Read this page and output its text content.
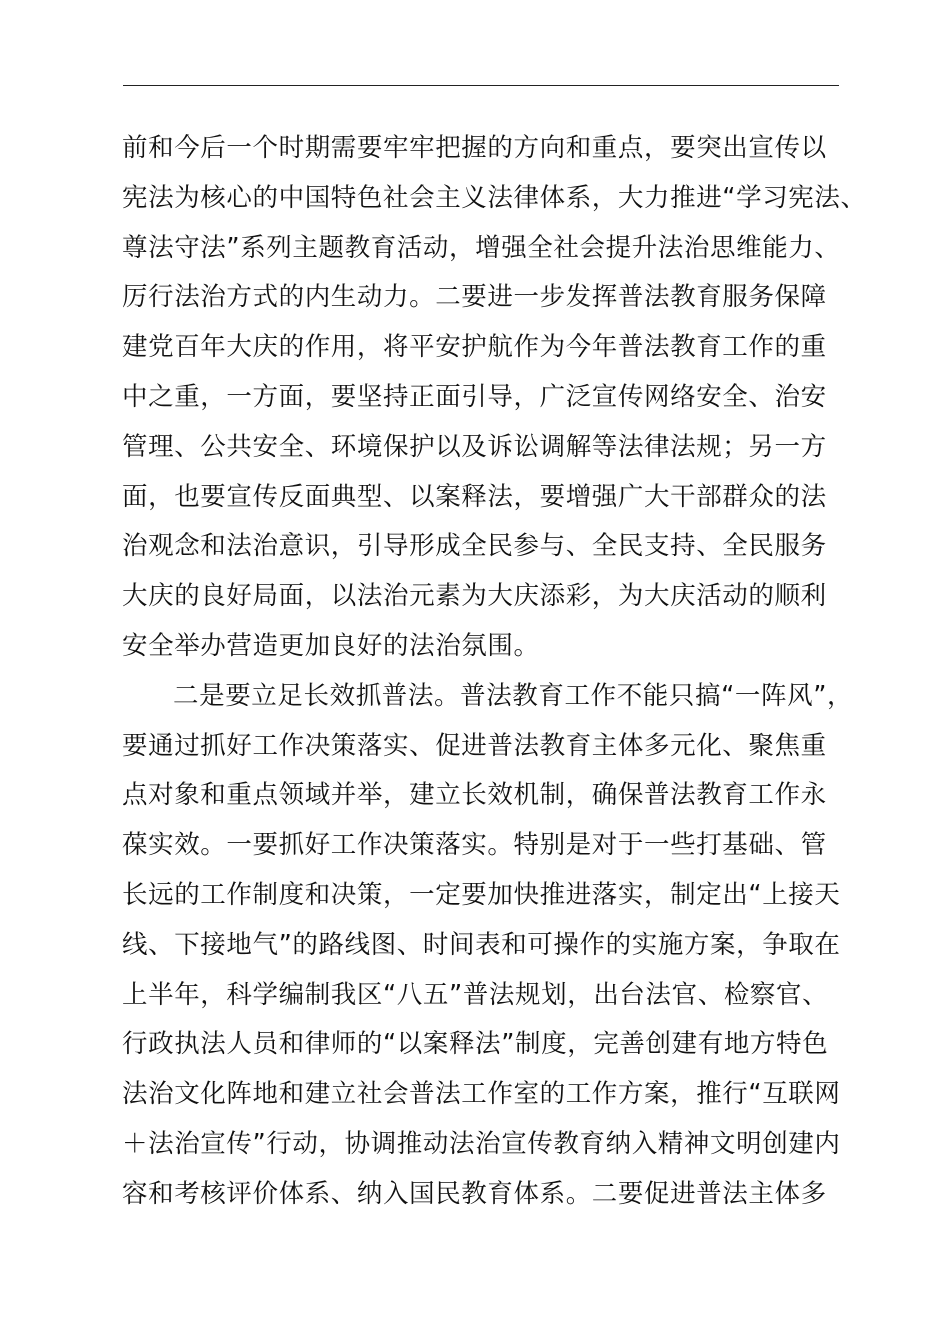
前和今后一个时期需要牢牢把握的方向和重点，要突出宣传以
宪法为核心的中国特色社会主义法律体系，大力推进“学习宪法、
尊法守法”系列主题教育活动，增强全社会提升法治思维能力、
厉行法治方式的内生动力。二要进一步发挥普法教育服务保障
建党百年大庆的作用，将平安护航作为今年普法教育工作的重
中之重，一方面，要坚持正面引导，广泛宣传网络安全、治安
管理、公共安全、环境保护以及诉讼调解等法律法规；另一方
面，也要宣传反面典型、以案释法，要增强广大干部群众的法
治观念和法治意识，引导形成全民参与、全民支持、全民服务
大庆的良好局面，以法治元素为大庆添彩，为大庆活动的顺利
安全举办营造更加良好的法治氛围。
二是要立足长效抓普法。普法教育工作不能只搞“一阵风”，
要通过抓好工作决策落实、促进普法教育主体多元化、聚焦重
点对象和重点领域并举，建立长效机制，确保普法教育工作永
葆实效。一要抓好工作决策落实。特别是对于一些打基础、管
长远的工作制度和决策，一定要加快推进落实，制定出“上接天
线、下接地气”的路线图、时间表和可操作的实施方案，争取在
上半年，科学编制我区“八五”普法规划，出台法官、检察官、
行政执法人员和律师的“以案释法”制度，完善创建有地方特色
法治文化阵地和建立社会普法工作室的工作方案，推行“互联网
＋法治宣传”行动，协调推动法治宣传教育纳入精神文明创建内
容和考核评价体系、纳入国民教育体系。二要促进普法主体多
